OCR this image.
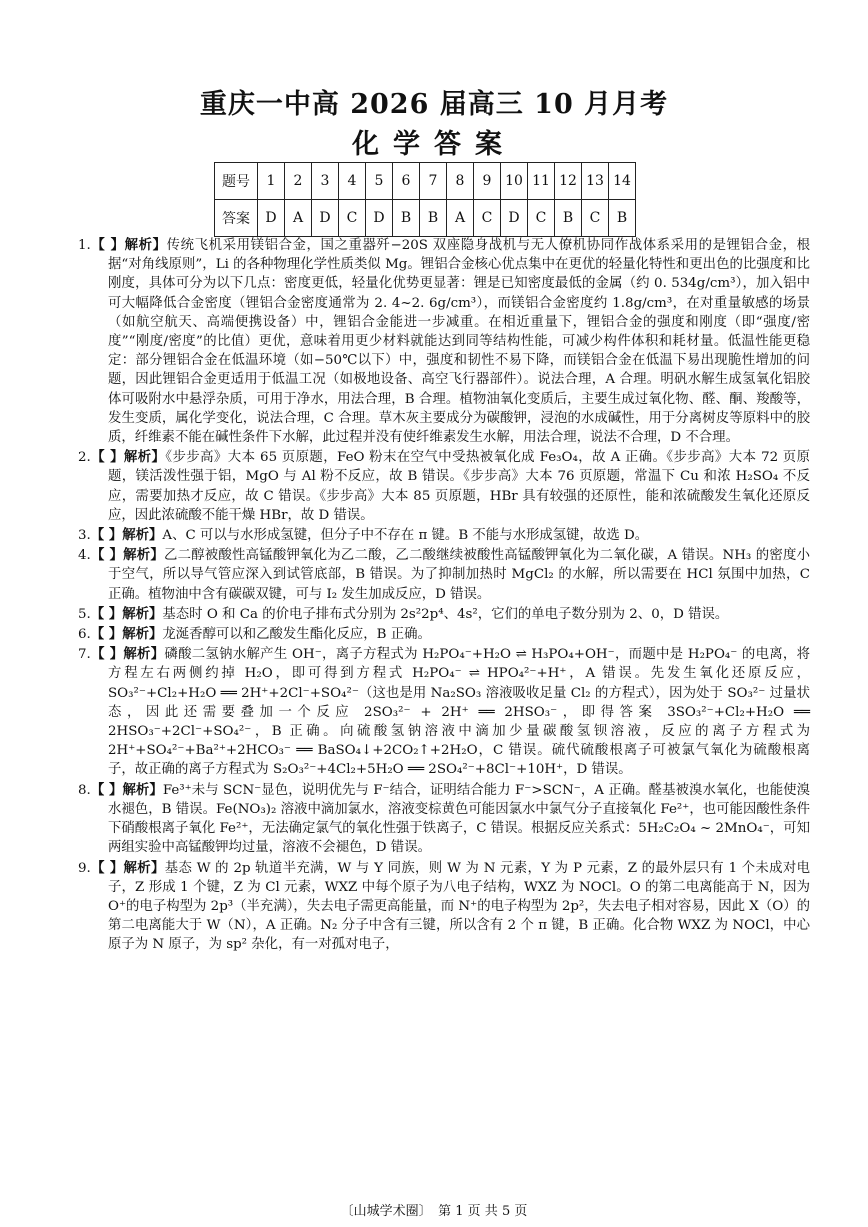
重庆一中高 2026 届高三 10 月月考
化学答案
题号	1	2	3	4	5	6	7	8	9	10	11	12	13	14
答案	D	A	D	C	D	B	B	A	C	D	C	B	C	B

1.【 】解析】传统飞机采用镁铝合金，国之重器歼−20S 双座隐身战机与无人僚机协同作战体系采用的是锂铝合金，根据“对角线原则”，Li 的各种物理化学性质类似 Mg。锂铝合金核心优点集中在更优的轻量化特性和更出色的比强度和比刚度，具体可分为以下几点：密度更低，轻量化优势更显著：锂是已知密度最低的金属（约 0. 534g/cm³），加入铝中可大幅降低合金密度（锂铝合金密度通常为 2. 4~2. 6g/cm³），而镁铝合金密度约 1.8g/cm³，在对重量敏感的场景（如航空航天、高端便携设备）中，锂铝合金能进一步减重。在相近重量下，锂铝合金的强度和刚度（即“强度/密度”“刚度/密度”的比值）更优，意味着用更少材料就能达到同等结构性能，可减少构件体积和耗材量。低温性能更稳定：部分锂铝合金在低温环境（如−50℃以下）中，强度和韧性不易下降，而镁铝合金在低温下易出现脆性增加的问题，因此锂铝合金更适用于低温工况（如极地设备、高空飞行器部件）。说法合理，A 合理。明矾水解生成氢氧化铝胶体可吸附水中悬浮杂质，可用于净水，用法合理，B 合理。植物油氧化变质后，主要生成过氧化物、醛、酮、羧酸等，发生变质，属化学变化，说法合理，C 合理。草木灰主要成分为碳酸钾，浸泡的水成碱性，用于分离树皮等原料中的胶质，纤维素不能在碱性条件下水解，此过程并没有使纤维素发生水解，用法合理，说法不合理，D 不合理。

2.【 】解析】《步步高》大本 65 页原题，FeO 粉末在空气中受热被氧化成 Fe₃O₄，故 A 正确。《步步高》大本 72 页原题，镁活泼性强于铝，MgO 与 Al 粉不反应，故 B 错误。《步步高》大本 76 页原题，常温下 Cu 和浓 H₂SO₄ 不反应，需要加热才反应，故 C 错误。《步步高》大本 85 页原题，HBr 具有较强的还原性，能和浓硫酸发生氧化还原反应，因此浓硫酸不能干燥 HBr，故 D 错误。

3.【 】解析】A、C 可以与水形成氢键，但分子中不存在 π 键。B 不能与水形成氢键，故选 D。

4.【 】解析】乙二醇被酸性高锰酸钾氧化为乙二酸，乙二酸继续被酸性高锰酸钾氧化为二氧化碳，A 错误。NH₃ 的密度小于空气，所以导气管应深入到试管底部，B 错误。为了抑制加热时 MgCl₂ 的水解，所以需要在 HCl 氛围中加热，C 正确。植物油中含有碳碳双键，可与 I₂ 发生加成反应，D 错误。

5.【 】解析】基态时 O 和 Ca 的价电子排布式分别为 2s²2p⁴、4s²，它们的单电子数分别为 2、0，D 错误。

6.【 】解析】龙涎香醇可以和乙酸发生酯化反应，B 正确。

7.【 】解析】磷酸二氢钠水解产生 OH⁻，离子方程式为 H₂PO₄⁻+H₂O ⇌ H₃PO₄+OH⁻，而题中是 H₂PO₄⁻ 的电离，将方程左右两侧约掉 H₂O，即可得到方程式 H₂PO₄⁻ ⇌ HPO₄²⁻+H⁺，A 错误。先发生氧化还原反应，SO₃²⁻+Cl₂+H₂O ══ 2H⁺+2Cl⁻+SO₄²⁻（这也是用 Na₂SO₃ 溶液吸收足量 Cl₂ 的方程式），因为处于 SO₃²⁻ 过量状态，因此还需要叠加一个反应 2SO₃²⁻ + 2H⁺ ══ 2HSO₃⁻，即得答案 3SO₃²⁻+Cl₂+H₂O ══ 2HSO₃⁻+2Cl⁻+SO₄²⁻，B 正确。向硫酸氢钠溶液中滴加少量碳酸氢钡溶液，反应的离子方程式为 2H⁺+SO₄²⁻+Ba²⁺+2HCO₃⁻ ══ BaSO₄↓+2CO₂↑+2H₂O，C 错误。硫代硫酸根离子可被氯气氧化为硫酸根离子，故正确的离子方程式为 S₂O₃²⁻+4Cl₂+5H₂O ══ 2SO₄²⁻+8Cl⁻+10H⁺，D 错误。

8.【 】解析】Fe³⁺未与 SCN⁻显色，说明优先与 F⁻结合，证明结合能力 F⁻>SCN⁻，A 正确。醛基被溴水氧化，也能使溴水褪色，B 错误。Fe(NO₃)₂ 溶液中滴加氯水，溶液变棕黄色可能因氯水中氯气分子直接氧化 Fe²⁺，也可能因酸性条件下硝酸根离子氧化 Fe²⁺，无法确定氯气的氧化性强于铁离子，C 错误。根据反应关系式：5H₂C₂O₄ ~ 2MnO₄⁻，可知两组实验中高锰酸钾均过量，溶液不会褪色，D 错误。

9.【 】解析】基态 W 的 2p 轨道半充满，W 与 Y 同族，则 W 为 N 元素，Y 为 P 元素，Z 的最外层只有 1 个未成对电子，Z 形成 1 个键，Z 为 Cl 元素，WXZ 中每个原子为八电子结构，WXZ 为 NOCl。O 的第二电离能高于 N，因为 O⁺的电子构型为 2p³（半充满），失去电子需更高能量，而 N⁺的电子构型为 2p²，失去电子相对容易，因此 X（O）的第二电离能大于 W（N），A 正确。N₂ 分子中含有三键，所以含有 2 个 π 键，B 正确。化合物 WXZ 为 NOCl，中心原子为 N 原子，为 sp² 杂化，有一对孤对电子，

〔山城学术圈〕　第 1 页 共 5 页
